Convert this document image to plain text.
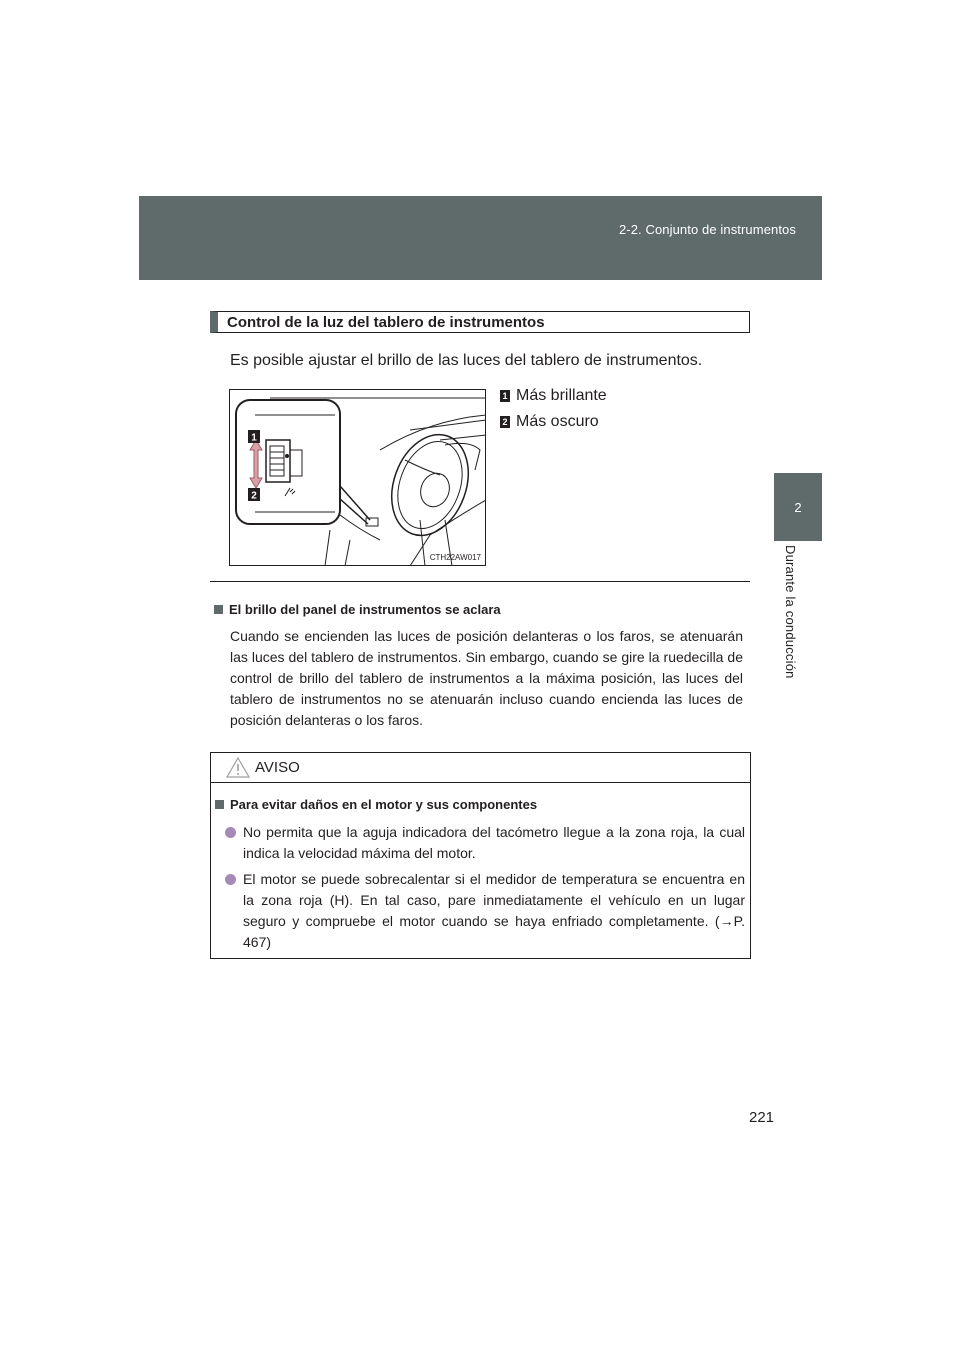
2-2. Conjunto de instrumentos
2
Durante la conducción
Control de la luz del tablero de instrumentos
Es posible ajustar el brillo de las luces del tablero de instrumentos.
1
2
CTH22AW017
1 Más brillante
2 Más oscuro
El brillo del panel de instrumentos se aclara
Cuando se encienden las luces de posición delanteras o los faros, se atenuarán las luces del tablero de instrumentos. Sin embargo, cuando se gire la ruedecilla de control de brillo del tablero de instrumentos a la máxima posición, las luces del tablero de instrumentos no se atenuarán incluso cuando encienda las luces de posición delanteras o los faros.
AVISO
Para evitar daños en el motor y sus componentes
No permita que la aguja indicadora del tacómetro llegue a la zona roja, la cual indica la velocidad máxima del motor.
El motor se puede sobrecalentar si el medidor de temperatura se encuentra en la zona roja (H). En tal caso, pare inmediatamente el vehículo en un lugar seguro y compruebe el motor cuando se haya enfriado completamente. (→P. 467)
221
